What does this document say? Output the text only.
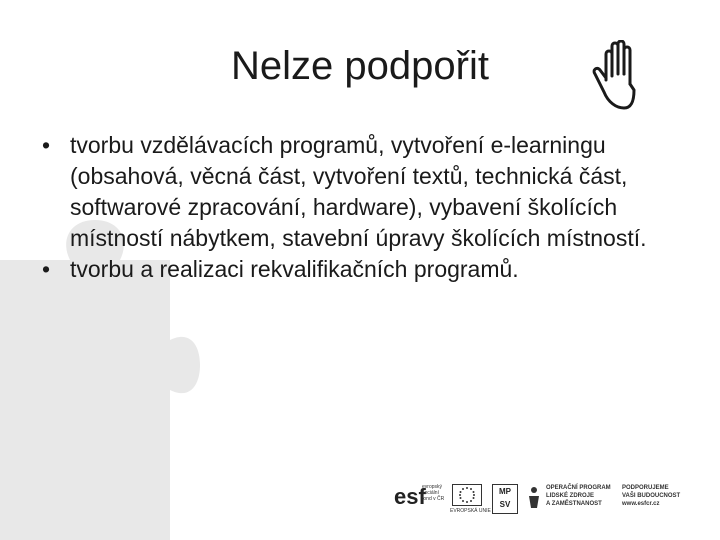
Nelze podpořit
• tvorbu vzdělávacích programů, vytvoření e-learningu (obsahová, věcná část, vytvoření textů, technická část, softwarové zpracování, hardware), vybavení školících místností nábytkem, stavební úpravy školících místností.
• tvorbu a realizaci rekvalifikačních programů.
esf
evropský
sociální
fond v ČR
EVROPSKÁ UNIE
MP
SV
OPERAČNÍ PROGRAM
LIDSKÉ ZDROJE
A ZAMĚSTNANOST
PODPORUJEME
VAŠI BUDOUCNOST
www.esfcr.cz
